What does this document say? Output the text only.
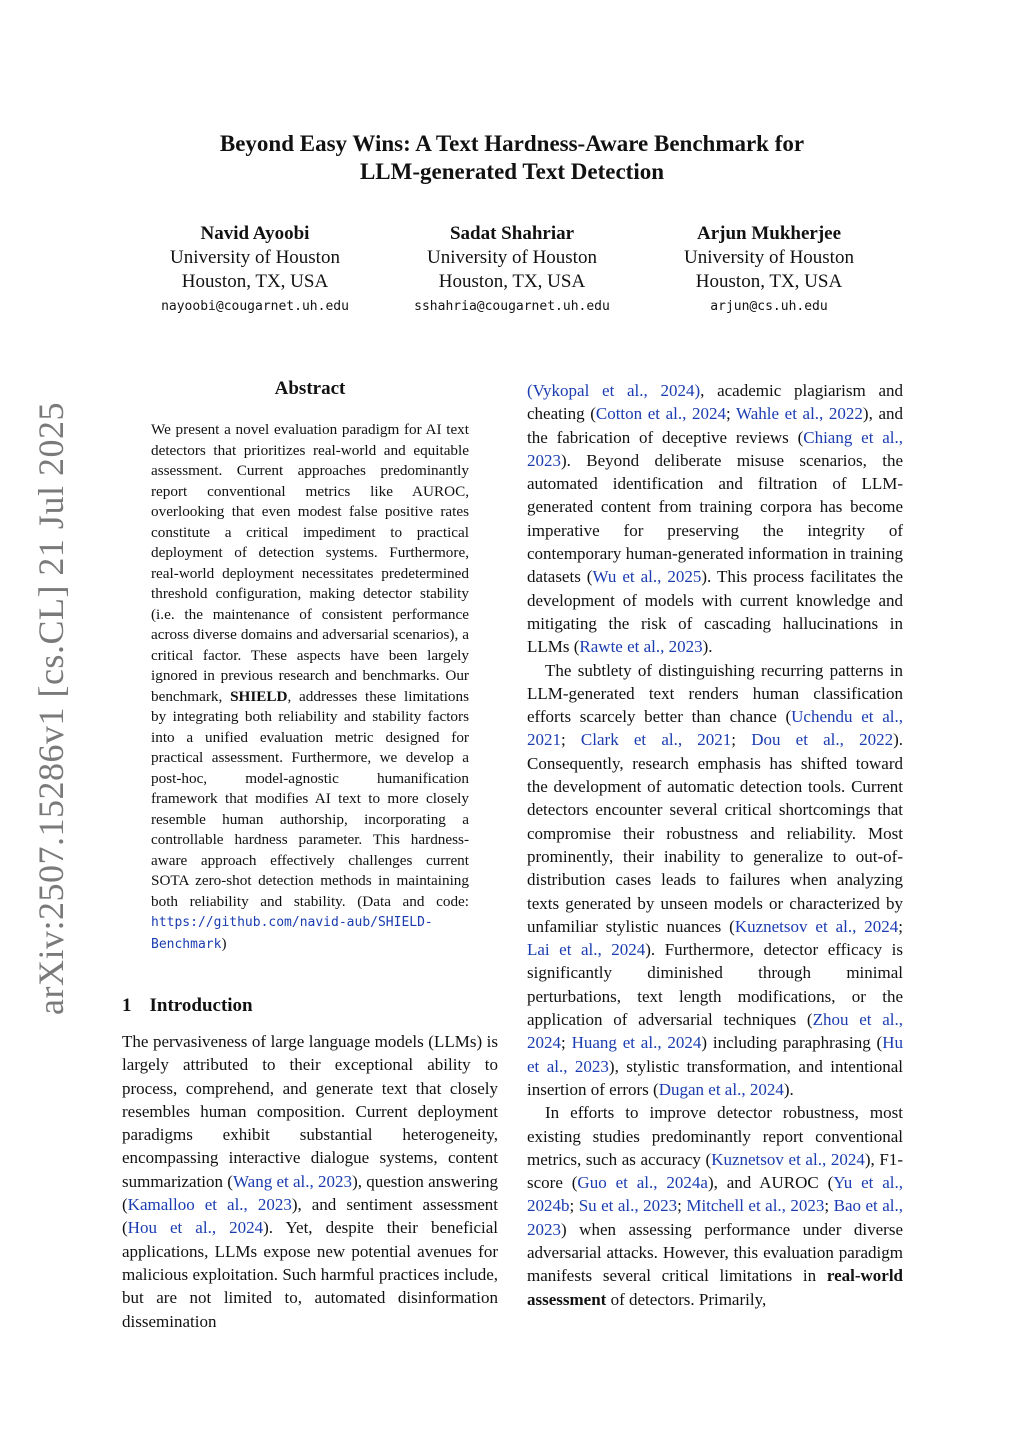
Beyond Easy Wins: A Text Hardness-Aware Benchmark for
LLM-generated Text Detection
Navid Ayoobi
University of Houston
Houston, TX, USA
nayoobi@cougarnet.uh.edu
Sadat Shahriar
University of Houston
Houston, TX, USA
sshahria@cougarnet.uh.edu
Arjun Mukherjee
University of Houston
Houston, TX, USA
arjun@cs.uh.edu
arXiv:2507.15286v1 [cs.CL] 21 Jul 2025
Abstract
We present a novel evaluation paradigm for AI text detectors that prioritizes real-world and equitable assessment. Current approaches predominantly report conventional metrics like AUROC, overlooking that even modest false positive rates constitute a critical impediment to practical deployment of detection systems. Furthermore, real-world deployment necessitates predetermined threshold configuration, making detector stability (i.e. the maintenance of consistent performance across diverse domains and adversarial scenarios), a critical factor. These aspects have been largely ignored in previous research and benchmarks. Our benchmark, SHIELD, addresses these limitations by integrating both reliability and stability factors into a unified evaluation metric designed for practical assessment. Furthermore, we develop a post-hoc, model-agnostic humanification framework that modifies AI text to more closely resemble human authorship, incorporating a controllable hardness parameter. This hardness-aware approach effectively challenges current SOTA zero-shot detection methods in maintaining both reliability and stability. (Data and code: https://github.com/navid-aub/SHIELD-Benchmark)
1 Introduction

The pervasiveness of large language models (LLMs) is largely attributed to their exceptional ability to process, comprehend, and generate text that closely resembles human composition. Current deployment paradigms exhibit substantial heterogeneity, encompassing interactive dialogue systems, content summarization (Wang et al., 2023), question answering (Kamalloo et al., 2023), and sentiment assessment (Hou et al., 2024). Yet, despite their beneficial applications, LLMs expose new potential avenues for malicious exploitation. Such harmful practices include, but are not limited to, automated disinformation dissemination

(Vykopal et al., 2024), academic plagiarism and cheating (Cotton et al., 2024; Wahle et al., 2022), and the fabrication of deceptive reviews (Chiang et al., 2023). Beyond deliberate misuse scenarios, the automated identification and filtration of LLM-generated content from training corpora has become imperative for preserving the integrity of contemporary human-generated information in training datasets (Wu et al., 2025). This process facilitates the development of models with current knowledge and mitigating the risk of cascading hallucinations in LLMs (Rawte et al., 2023).

The subtlety of distinguishing recurring patterns in LLM-generated text renders human classification efforts scarcely better than chance (Uchendu et al., 2021; Clark et al., 2021; Dou et al., 2022). Consequently, research emphasis has shifted toward the development of automatic detection tools. Current detectors encounter several critical shortcomings that compromise their robustness and reliability. Most prominently, their inability to generalize to out-of-distribution cases leads to failures when analyzing texts generated by unseen models or characterized by unfamiliar stylistic nuances (Kuznetsov et al., 2024; Lai et al., 2024). Furthermore, detector efficacy is significantly diminished through minimal perturbations, text length modifications, or the application of adversarial techniques (Zhou et al., 2024; Huang et al., 2024) including paraphrasing (Hu et al., 2023), stylistic transformation, and intentional insertion of errors (Dugan et al., 2024).

In efforts to improve detector robustness, most existing studies predominantly report conventional metrics, such as accuracy (Kuznetsov et al., 2024), F1-score (Guo et al., 2024a), and AUROC (Yu et al., 2024b; Su et al., 2023; Mitchell et al., 2023; Bao et al., 2023) when assessing performance under diverse adversarial attacks. However, this evaluation paradigm manifests several critical limitations in real-world assessment of detectors. Primarily,
